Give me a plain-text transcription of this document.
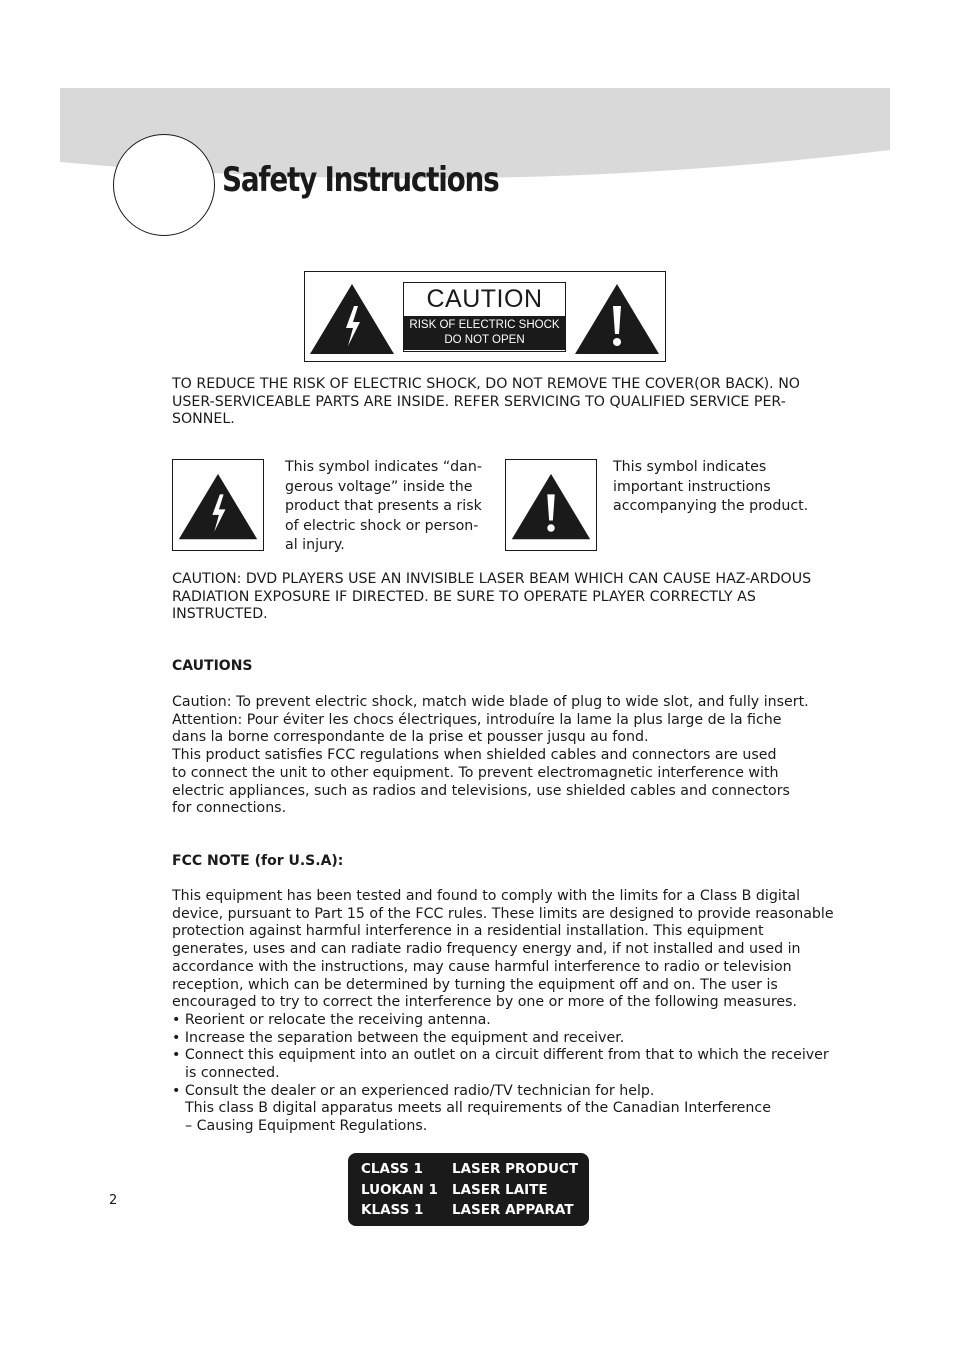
Safety Instructions
CAUTION
RISK OF ELECTRIC SHOCK
DO NOT OPEN

TO REDUCE THE RISK OF ELECTRIC SHOCK, DO NOT REMOVE THE COVER(OR BACK). NO USER-SERVICEABLE PARTS ARE INSIDE. REFER SERVICING TO QUALIFIED SERVICE PER-SONNEL.

This symbol indicates “dan-gerous voltage” inside the product that presents a risk of electric shock or person-al injury.

This symbol indicates important instructions accompanying the product.

CAUTION: DVD PLAYERS USE AN INVISIBLE LASER BEAM WHICH CAN CAUSE HAZ-ARDOUS RADIATION EXPOSURE IF DIRECTED. BE SURE TO OPERATE PLAYER CORRECTLY AS INSTRUCTED.

CAUTIONS

Caution: To prevent electric shock, match wide blade of plug to wide slot, and fully insert.
Attention: Pour éviter les chocs électriques, introduíre la lame la plus large de la fiche dans la borne correspondante de la prise et pousser jusqu au fond.
This product satisfies FCC regulations when shielded cables and connectors are used to connect the unit to other equipment. To prevent electromagnetic interference with electric appliances, such as radios and televisions, use shielded cables and connectors for connections.

FCC NOTE (for U.S.A):

This equipment has been tested and found to comply with the limits for a Class B digital device, pursuant to Part 15 of the FCC rules. These limits are designed to provide reasonable protection against harmful interference in a residential installation. This equipment generates, uses and can radiate radio frequency energy and, if not installed and used in accordance with the instructions, may cause harmful interference to radio or television reception, which can be determined by turning the equipment off and on. The user is encouraged to try to correct the interference by one or more of the following measures.
• Reorient or relocate the receiving antenna.
• Increase the separation between the equipment and receiver.
• Connect this equipment into an outlet on a circuit different from that to which the receiver is connected.
• Consult the dealer or an experienced radio/TV technician for help.
This class B digital apparatus meets all requirements of the Canadian Interference – Causing Equipment Regulations.
CLASS 1	LASER PRODUCT
LUOKAN 1	LASER LAITE
KLASS 1	LASER APPARAT
2
